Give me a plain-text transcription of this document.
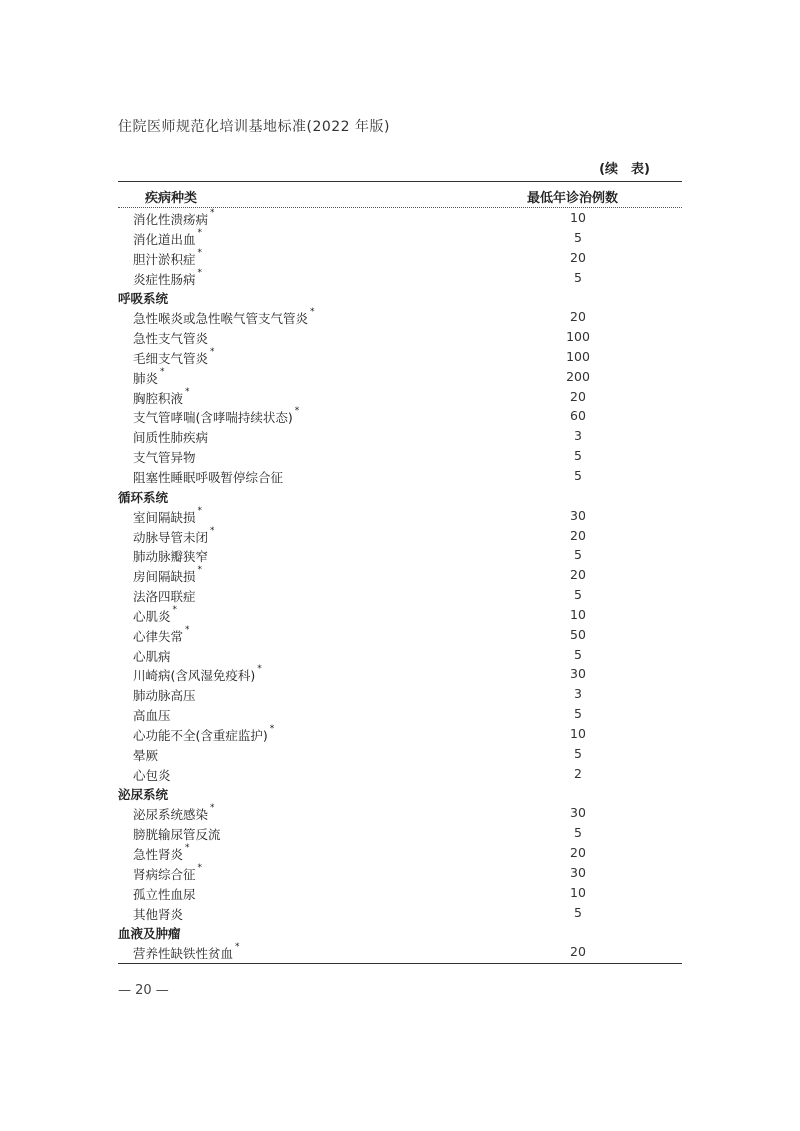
住院医师规范化培训基地标准(2022 年版)
(续　表)
疾病种类	最低年诊治例数
消化性溃疡病 *	10
消化道出血 *	5
胆汁淤积症 *	20
炎症性肠病 *	5
呼吸系统
急性喉炎或急性喉气管支气管炎 *	20
急性支气管炎	100
毛细支气管炎 *	100
肺炎 *	200
胸腔积液 *	20
支气管哮喘(含哮喘持续状态) *	60
间质性肺疾病	3
支气管异物	5
阻塞性睡眠呼吸暂停综合征	5
循环系统
室间隔缺损 *	30
动脉导管未闭 *	20
肺动脉瓣狭窄	5
房间隔缺损 *	20
法洛四联症	5
心肌炎 *	10
心律失常 *	50
心肌病	5
川崎病(含风湿免疫科) *	30
肺动脉高压	3
高血压	5
心功能不全(含重症监护) *	10
晕厥	5
心包炎	2
泌尿系统
泌尿系统感染 *	30
膀胱输尿管反流	5
急性肾炎 *	20
肾病综合征 *	30
孤立性血尿	10
其他肾炎	5
血液及肿瘤
营养性缺铁性贫血 *	20
— 20 —
